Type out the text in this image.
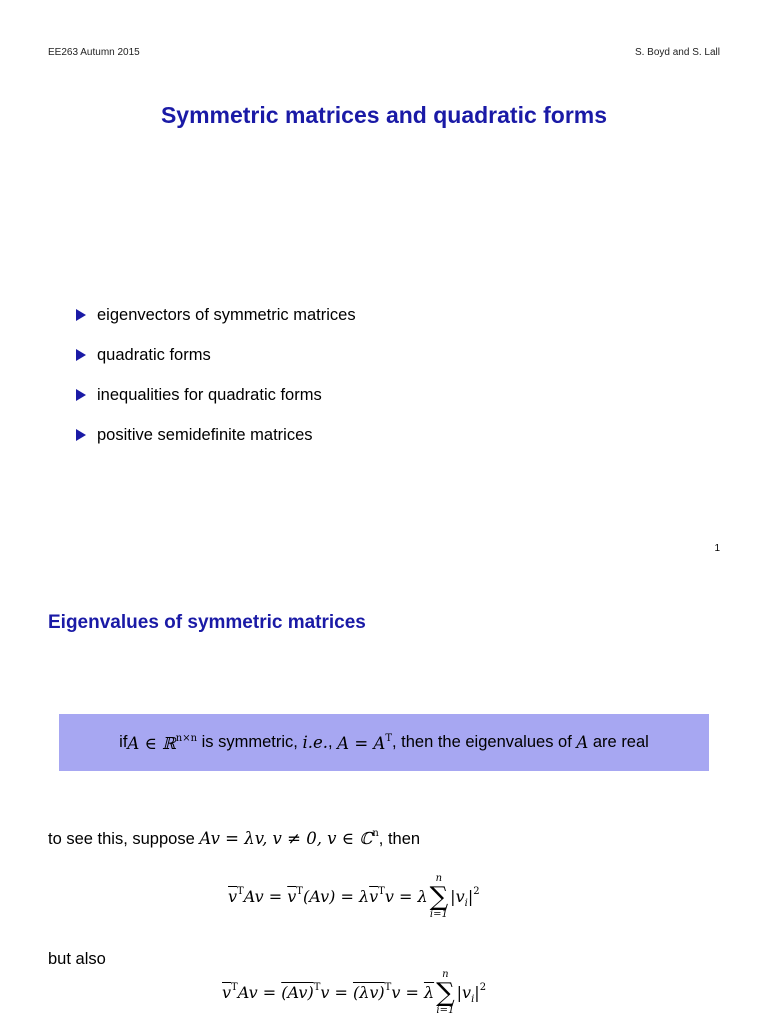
EE263 Autumn 2015	S. Boyd and S. Lall
Symmetric matrices and quadratic forms
eigenvectors of symmetric matrices
quadratic forms
inequalities for quadratic forms
positive semidefinite matrices
1
Eigenvalues of symmetric matrices
if A ∈ ℝ$^{n\times n}$ is symmetric, i.e. , $A = A^T$ , then the eigenvalues of A are real
to see this, suppose Av = λv, v ≠ 0, v ∈ ℂ$^n$, then
$\overline{v}^TAv = \overline{v}^T(Av) = \lambda\overline{v}^Tv = \lambda$
n
∑
i=1
$|v_i|^2$
but also
$\overline{v}^TAv = (Av)^Tv = (\lambda v)^Tv = \overline{\lambda}$
n
∑
i=1
$|v_i|^2$
